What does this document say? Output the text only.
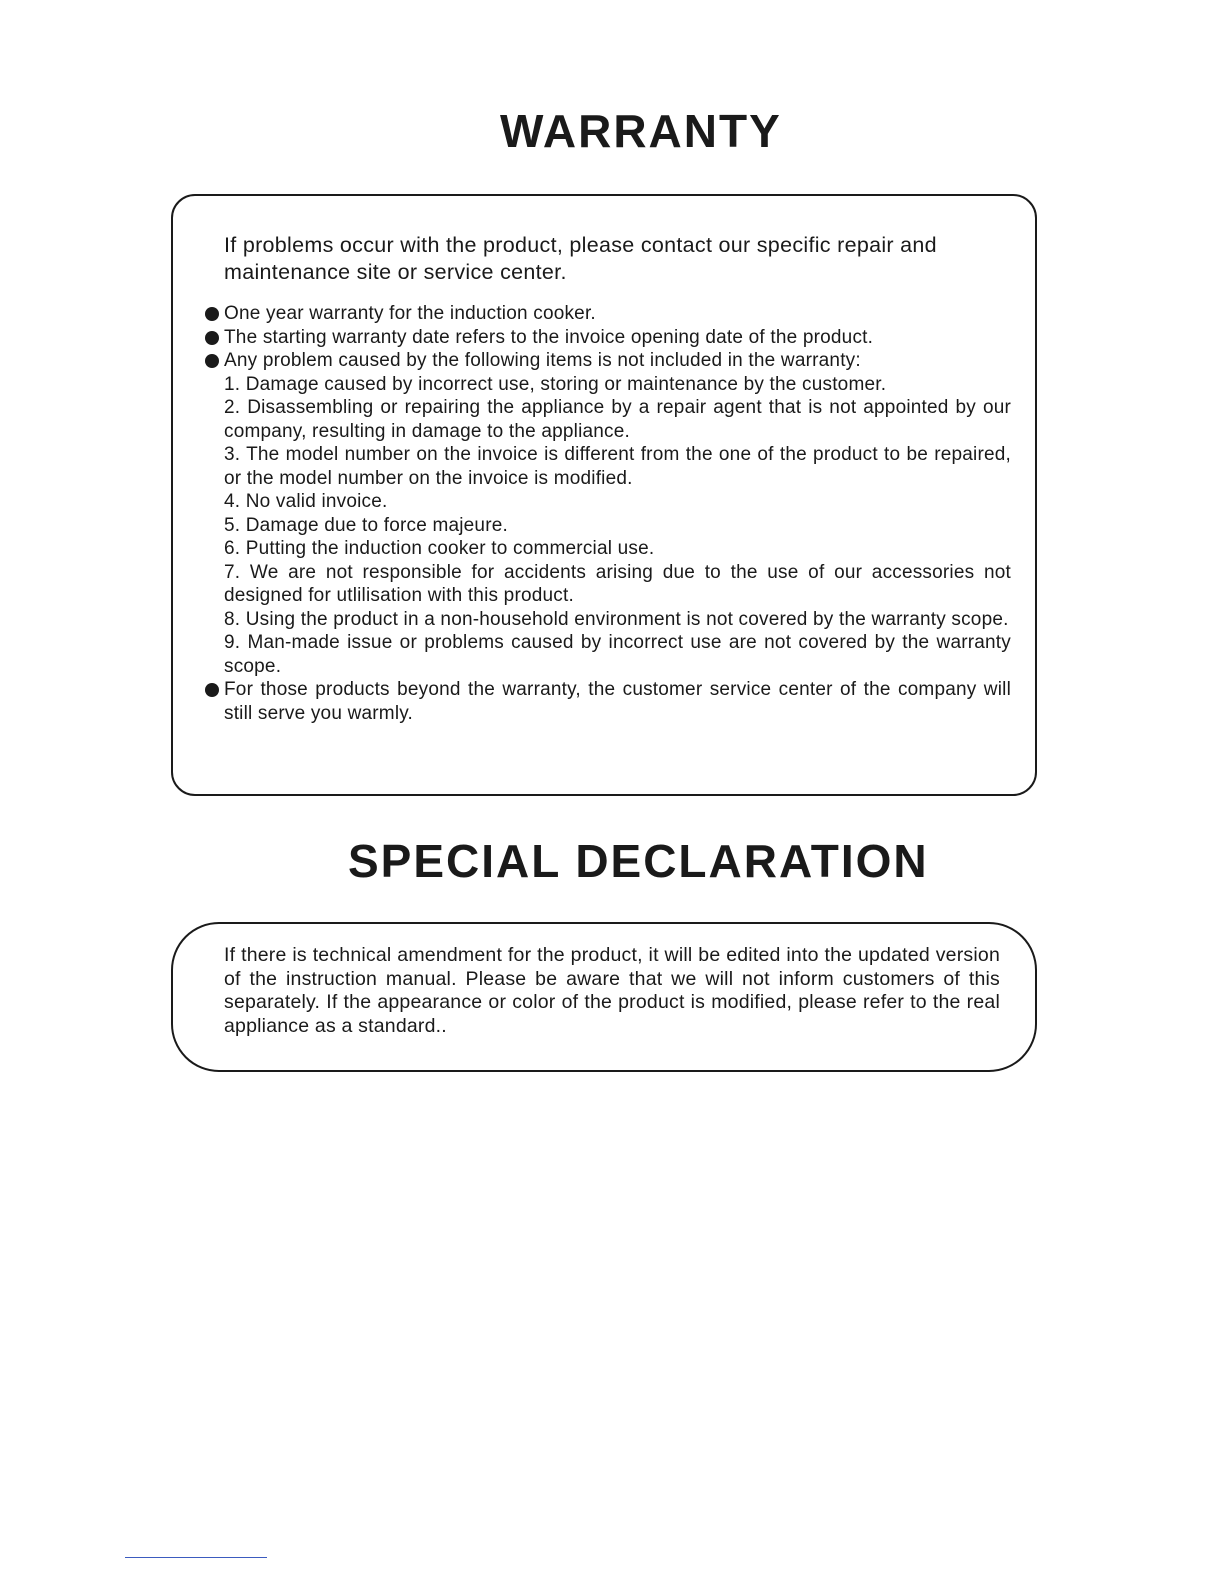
WARRANTY

If problems occur with the product, please contact our specific repair and maintenance site or service center.

One year warranty for the induction cooker.
The starting warranty date refers to the invoice opening date of the product.
Any problem caused by the following items is not included in the warranty:
1. Damage caused by incorrect use, storing or maintenance by the customer.
2. Disassembling or repairing the appliance by a repair agent that is not appointed by our company, resulting in damage to the appliance.
3. The model number on the invoice is different from the one of the product to be repaired, or the model number on the invoice is modified.
4. No valid invoice.
5. Damage due to force majeure.
6. Putting the induction cooker to commercial use.
7. We are not responsible for accidents arising due to the use of our accessories not designed for utlilisation with this product.
8. Using the product in a non-household environment is not covered by the warranty scope.
9. Man-made issue or problems caused by incorrect use are not covered by the warranty scope.
For those products beyond the warranty, the customer service center of the company will still serve you warmly.
SPECIAL DECLARATION

If there is technical amendment for the product, it will be edited into the updated version of the instruction manual. Please be aware that we will not inform customers of this separately. If the appearance or color of the product is modified, please refer to the real appliance as a standard..
